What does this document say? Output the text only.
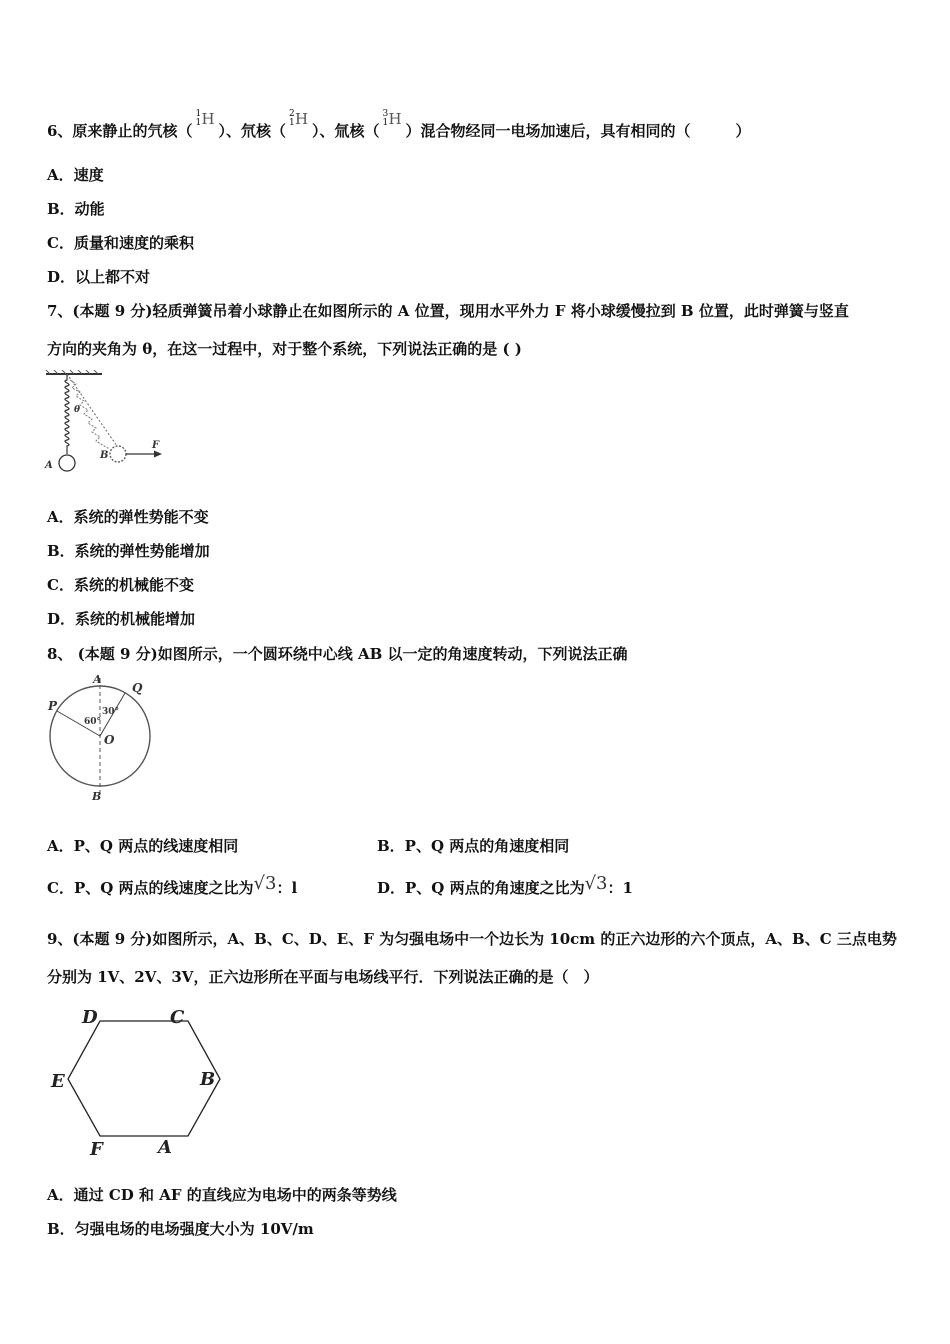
6、原来静止的氕核（
1
1 H
）、氘核（
2
1 H
）、氚核（
3
1 H
）混合物经同一电场加速后，具有相同的（　　　）
A．速度
B．动能
C．质量和速度的乘积
D．以上都不对
7、(本题 9 分)轻质弹簧吊着小球静止在如图所示的 A 位置，现用水平外力 F 将小球缓慢拉到 B 位置，此时弹簧与竖直
方向的夹角为 θ，在这一过程中，对于整个系统，下列说法正确的是 ( )
θ
A
B
F
A．系统的弹性势能不变
B．系统的弹性势能增加
C．系统的机械能不变
D．系统的机械能增加
8、 (本题 9 分)如图所示，一个圆环绕中心线 AB 以一定的角速度转动，下列说法正确
A
B
P
Q
O
60°
30°
A．P、Q 两点的线速度相同	B．P、Q 两点的角速度相同
C．P、Q 两点的线速度之比为√3：l	D．P、Q 两点的角速度之比为√3：1
9、(本题 9 分)如图所示，A、B、C、D、E、F 为匀强电场中一个边长为 10cm 的正六边形的六个顶点，A、B、C 三点电势
分别为 1V、2V、3V，正六边形所在平面与电场线平行．下列说法正确的是（　）
D	C
E	B
F	A
A．通过 CD 和 AF 的直线应为电场中的两条等势线
B．匀强电场的电场强度大小为 10V/m
